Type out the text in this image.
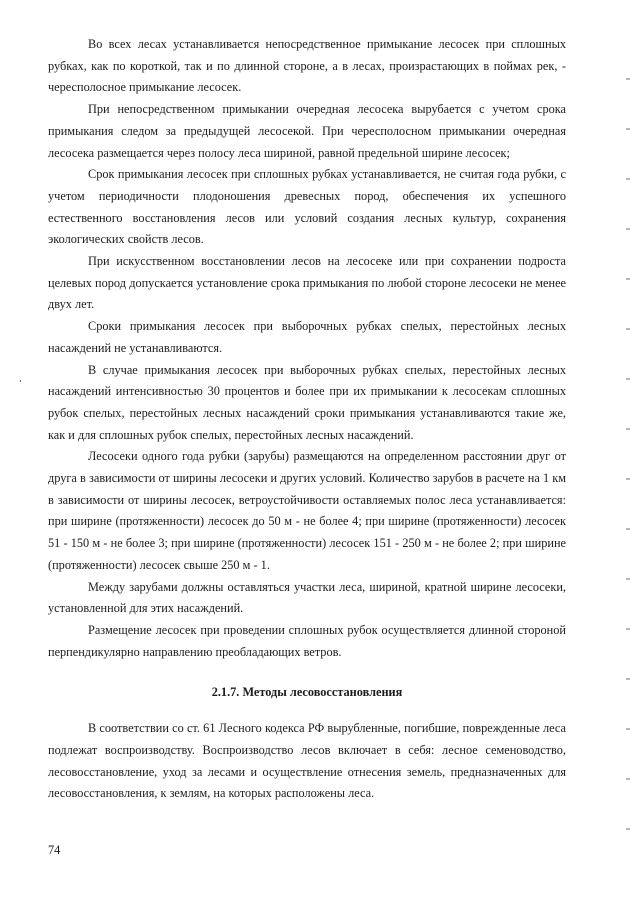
Во всех лесах устанавливается непосредственное примыкание лесосек при сплошных рубках, как по короткой, так и по длинной стороне, а в лесах, произрастающих в поймах рек, - чересполосное примыкание лесосек.

При непосредственном примыкании очередная лесосека вырубается с учетом срока примыкания следом за предыдущей лесосекой. При чересполосном примыкании очередная лесосека размещается через полосу леса шириной, равной предельной ширине лесосек;

Срок примыкания лесосек при сплошных рубках устанавливается, не считая года рубки, с учетом периодичности плодоношения древесных пород, обеспечения их успешного естественного восстановления лесов или условий создания лесных культур, сохранения экологических свойств лесов.

При искусственном восстановлении лесов на лесосеке или при сохранении подроста целевых пород допускается установление срока примыкания по любой стороне лесосеки не менее двух лет.

Сроки примыкания лесосек при выборочных рубках спелых, перестойных лесных насаждений не устанавливаются.

В случае примыкания лесосек при выборочных рубках спелых, перестойных лесных насаждений интенсивностью 30 процентов и более при их примыкании к лесосекам сплошных рубок спелых, перестойных лесных насаждений сроки примыкания устанавливаются такие же, как и для сплошных рубок спелых, перестойных лесных насаждений.

Лесосеки одного года рубки (зарубы) размещаются на определенном расстоянии друг от друга в зависимости от ширины лесосеки и других условий. Количество зарубов в расчете на 1 км в зависимости от ширины лесосек, ветроустойчивости оставляемых полос леса устанавливается: при ширине (протяженности) лесосек до 50 м - не более 4; при ширине (протяженности) лесосек 51 - 150 м - не более 3; при ширине (протяженности) лесосек 151 - 250 м - не более 2; при ширине (протяженности) лесосек свыше 250 м - 1.

Между зарубами должны оставляться участки леса, шириной, кратной ширине лесосеки, установленной для этих насаждений.

Размещение лесосек при проведении сплошных рубок осуществляется длинной стороной перпендикулярно направлению преобладающих ветров.

2.1.7. Методы лесовосстановления

В соответствии со ст. 61 Лесного кодекса РФ вырубленные, погибшие, поврежденные леса подлежат воспроизводству. Воспроизводство лесов включает в себя: лесное семеноводство, лесовосстановление, уход за лесами и осуществление отнесения земель, предназначенных для лесовосстановления, к землям, на которых расположены леса.

74
